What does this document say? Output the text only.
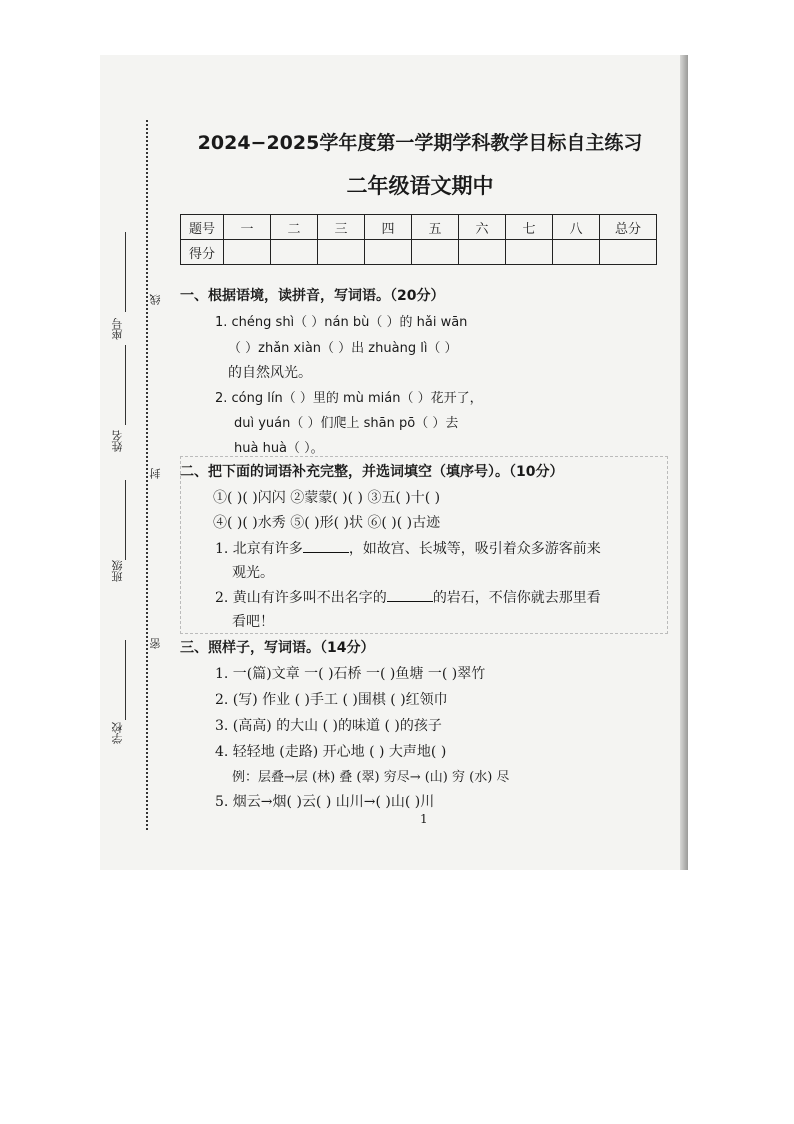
学校
班级
姓名
座号
密
封
线
2024−2025学年度第一学期学科教学目标自主练习
二年级语文期中
题号	一	二	三	四	五	六	七	八	总分
得分									
一、根据语境，读拼音，写词语。（20分）
1. chéng shì（ ）nán bù（ ）的 hǎi wān
（ ）zhǎn xiàn（ ）出 zhuàng lì（ ）
的自然风光。
2. cóng lín（ ）里的 mù mián（ ）花开了，
duì yuán（ ）们爬上 shān pō（ ）去
huà huà（ ）。
二、把下面的词语补充完整，并选词填空（填序号）。（10分）
①( )( )闪闪 ②蒙蒙( )( ) ③五( )十( )
④( )( )水秀 ⑤( )形( )状 ⑥( )( )古迹
1. 北京有许多	，如故宫、长城等，吸引着众多游客前来
观光。
2. 黄山有许多叫不出名字的	的岩石，不信你就去那里看
看吧！
三、照样子，写词语。（14分）
1. 一(篇)文章 一( )石桥 一( )鱼塘 一( )翠竹
2. (写) 作业 ( )手工 ( )围棋 ( )红领巾
3. (高高) 的大山 ( )的味道 ( )的孩子
4. 轻轻地 (走路) 开心地 ( ) 大声地( )
例：层叠→层 (林) 叠 (翠) 穷尽→ (山) 穷 (水) 尽
5. 烟云→烟( )云( ) 山川→( )山( )川
1
